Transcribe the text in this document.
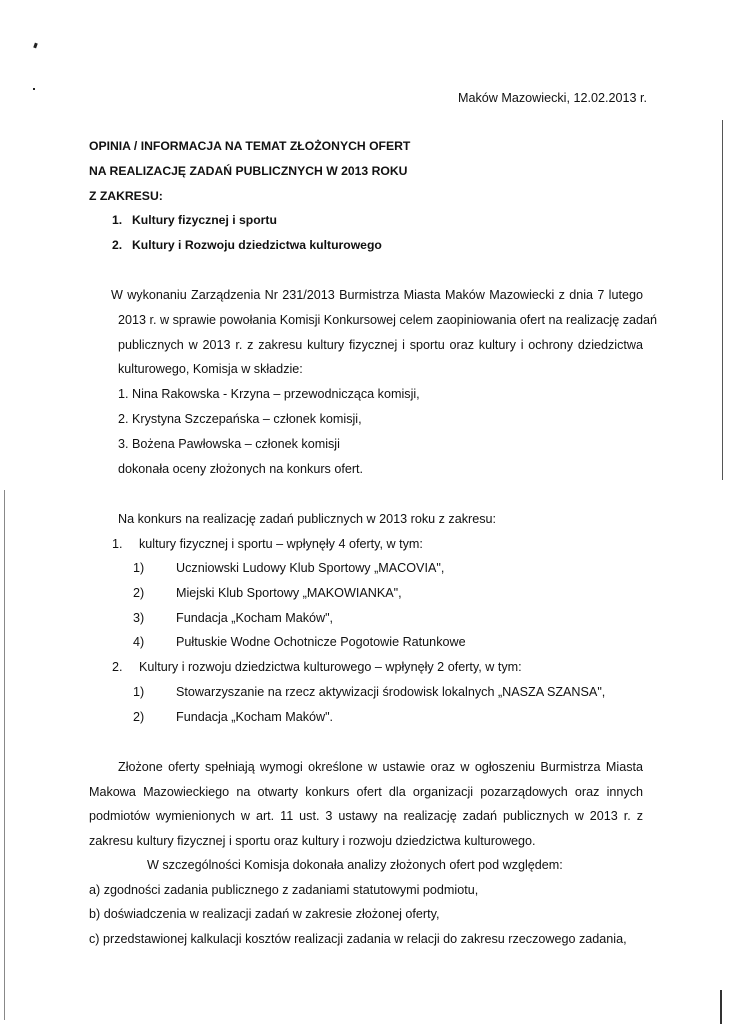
Maków Mazowiecki, 12.02.2013 r.
OPINIA / INFORMACJA NA TEMAT ZŁOŻONYCH OFERT
NA REALIZACJĘ ZADAŃ PUBLICZNYCH W 2013 ROKU
Z ZAKRESU:
1. Kultury fizycznej i sportu
2. Kultury i Rozwoju dziedzictwa kulturowego
W wykonaniu Zarządzenia Nr 231/2013 Burmistrza Miasta Maków Mazowiecki z dnia 7 lutego
2013 r. w sprawie powołania Komisji Konkursowej celem zaopiniowania ofert na realizację zadań
publicznych w 2013 r. z zakresu kultury fizycznej i sportu oraz kultury i ochrony dziedzictwa
kulturowego, Komisja w składzie:
1. Nina Rakowska - Krzyna – przewodnicząca komisji,
2. Krystyna Szczepańska – członek komisji,
3. Bożena Pawłowska – członek komisji
dokonała oceny złożonych na konkurs ofert.
Na konkurs na realizację zadań publicznych w 2013 roku z zakresu:
1. kultury fizycznej i sportu – wpłynęły 4 oferty, w tym:
1)	Uczniowski Ludowy Klub Sportowy „MACOVIA",
2)	Miejski Klub Sportowy „MAKOWIANKA",
3)	Fundacja „Kocham Maków",
4)	Pułtuskie Wodne Ochotnicze Pogotowie Ratunkowe
2. Kultury i rozwoju dziedzictwa kulturowego – wpłynęły 2 oferty, w tym:
1)	Stowarzyszanie na rzecz aktywizacji środowisk lokalnych „NASZA SZANSA",
2)	Fundacja „Kocham Maków".
Złożone oferty spełniają wymogi określone w ustawie oraz w ogłoszeniu Burmistrza Miasta
Makowa Mazowieckiego na otwarty konkurs ofert dla organizacji pozarządowych oraz innych
podmiotów wymienionych w art. 11 ust. 3 ustawy na realizację zadań publicznych w 2013 r. z
zakresu kultury fizycznej i sportu oraz kultury i rozwoju dziedzictwa kulturowego.
W szczególności Komisja dokonała analizy złożonych ofert pod względem:
a) zgodności zadania publicznego z zadaniami statutowymi podmiotu,
b) doświadczenia w realizacji zadań w zakresie złożonej oferty,
c) przedstawionej kalkulacji kosztów realizacji zadania w relacji do zakresu rzeczowego zadania,
